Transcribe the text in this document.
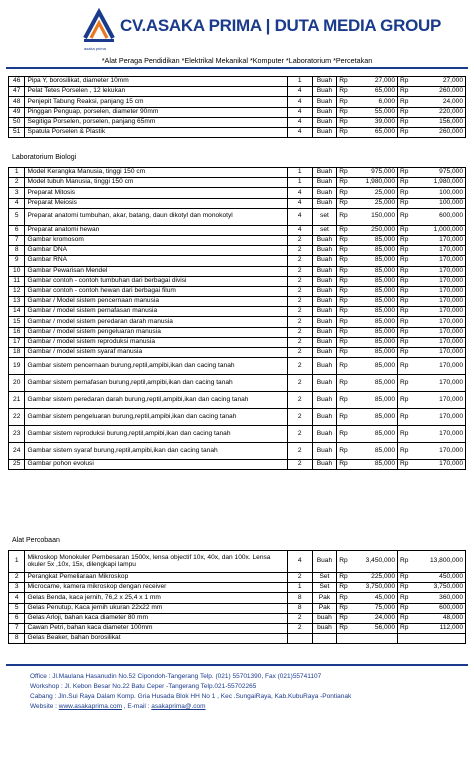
asaka prima
CV.ASAKA PRIMA | DUTA MEDIA GROUP
*Alat Peraga Pendidikan *Elektrikal Mekanikal *Komputer *Laboratorium *Percetakan
46	Pipa Y, borosilikat, diameter 10mm	1	Buah	Rp	27,000	Rp	27,000
47	Pelat Tetes Porselen , 12 lekukan	4	Buah	Rp	65,000	Rp	260,000
48	Penjepit Tabung Reaksi, panjang 15 cm	4	Buah	Rp	6,000	Rp	24,000
49	Pinggan Penguap, porselen, diameter 90mm	4	Buah	Rp	55,000	Rp	220,000
50	Segitiga Porselen, porselen, panjang 65mm	4	Buah	Rp	39,000	Rp	156,000
51	Spatula Porselen & Plastik	4	Buah	Rp	65,000	Rp	260,000
Laboratorium Biologi
1	Model Kerangka Manusia, tinggi 150 cm	1	Buah	Rp	975,000	Rp	975,000
2	Model tubuh Manusia, tinggi 150 cm	1	Buah	Rp	1,980,000	Rp	1,980,000
3	Preparat Mitosis	4	Buah	Rp	25,000	Rp	100,000
4	Preparat Meiosis	4	Buah	Rp	25,000	Rp	100,000
5	Preparat anatomi tumbuhan, akar, batang, daun dikotyl dan monokotyl	4	set	Rp	150,000	Rp	600,000
6	Preparat anatomi hewan	4	set	Rp	250,000	Rp	1,000,000
7	Gambar kromosom	2	Buah	Rp	85,000	Rp	170,000
8	Gambar DNA	2	Buah	Rp	85,000	Rp	170,000
9	Gambar RNA	2	Buah	Rp	85,000	Rp	170,000
10	Gambar Pewarisan Mendel	2	Buah	Rp	85,000	Rp	170,000
11	Gambar contoh - contoh tumbuhan dari berbagai divisi	2	Buah	Rp	85,000	Rp	170,000
12	Gambar contoh - contoh hewan dari berbagai filum	2	Buah	Rp	85,000	Rp	170,000
13	Gambar / Model sistem pencernaan manusia	2	Buah	Rp	85,000	Rp	170,000
14	Gambar / model sistem pernafasan manusia	2	Buah	Rp	85,000	Rp	170,000
15	Gambar / model sistem peredaran darah manusia	2	Buah	Rp	85,000	Rp	170,000
16	Gambar / model sistem pengeluaran manusia	2	Buah	Rp	85,000	Rp	170,000
17	Gambar / model sistem reproduksi manusia	2	Buah	Rp	85,000	Rp	170,000
18	Gambar / model sistem syaraf manusia	2	Buah	Rp	85,000	Rp	170,000
19	Gambar sistem pencernaan burung,reptil,ampibi,ikan dan cacing tanah	2	Buah	Rp	85,000	Rp	170,000
20	Gambar sistem pernafasan burung,reptil,ampibi,ikan dan cacing tanah	2	Buah	Rp	85,000	Rp	170,000
21	Gambar sistem peredaran darah burung,reptil,ampibi,ikan dan cacing tanah	2	Buah	Rp	85,000	Rp	170,000
22	Gambar sistem pengeluaran burung,reptil,ampibi,ikan dan cacing tanah	2	Buah	Rp	85,000	Rp	170,000
23	Gambar sistem reproduksi burung,reptil,ampibi,ikan dan cacing tanah	2	Buah	Rp	85,000	Rp	170,000
24	Gambar sistem syaraf burung,reptil,ampibi,ikan dan cacing tanah	2	Buah	Rp	85,000	Rp	170,000
25	Gambar pohon evolusi	2	Buah	Rp	85,000	Rp	170,000
Alat Percobaan
1	Mikroskop Monokuler Pembesaran 1500x, lensa objectif 10x, 40x, dan 100x. Lensa okuler 5x ,10x, 15x, dilengkapi lampu	4	Buah	Rp	3,450,000	Rp	13,800,000
2	Perangkat Pemeliaraan Mikroskop	2	Set	Rp	225,000	Rp	450,000
3	Microcame, kamera mikroskop dengan receiver	1	Set	Rp	3,750,000	Rp	3,750,000
4	Gelas Benda, kaca jernih, 76,2 x 25,4 x 1 mm	8	Pak	Rp	45,000	Rp	360,000
5	Gelas Penutup, Kaca jernih ukuran 22x22 mm	8	Pak	Rp	75,000	Rp	600,000
6	Gelas Arloji, bahan kaca diameter 80 mm	2	buah	Rp	24,000	Rp	48,000
7	Cawan Petri, bahan kaca diameter 100mm	2	buah	Rp	56,000	Rp	112,000
8	Gelas Beaker, bahan borosilikat						
Office : Jl.Maulana Hasanudin No.52 Cipondoh-Tangerang Telp. (021) 55701390, Fax (021)55741107
Workshop : Jl. Kebon Besar No.22 Batu Ceper -Tangerang Telp.021-55702265
Cabang : Jln.Sui Raya Dalam Komp. Gria Husada Blok HH No 1 , Kec .SungaiRaya, Kab.KubuRaya -Pontianak
Website : www.asakaprima.com , E-mail : asakaprima@.com
